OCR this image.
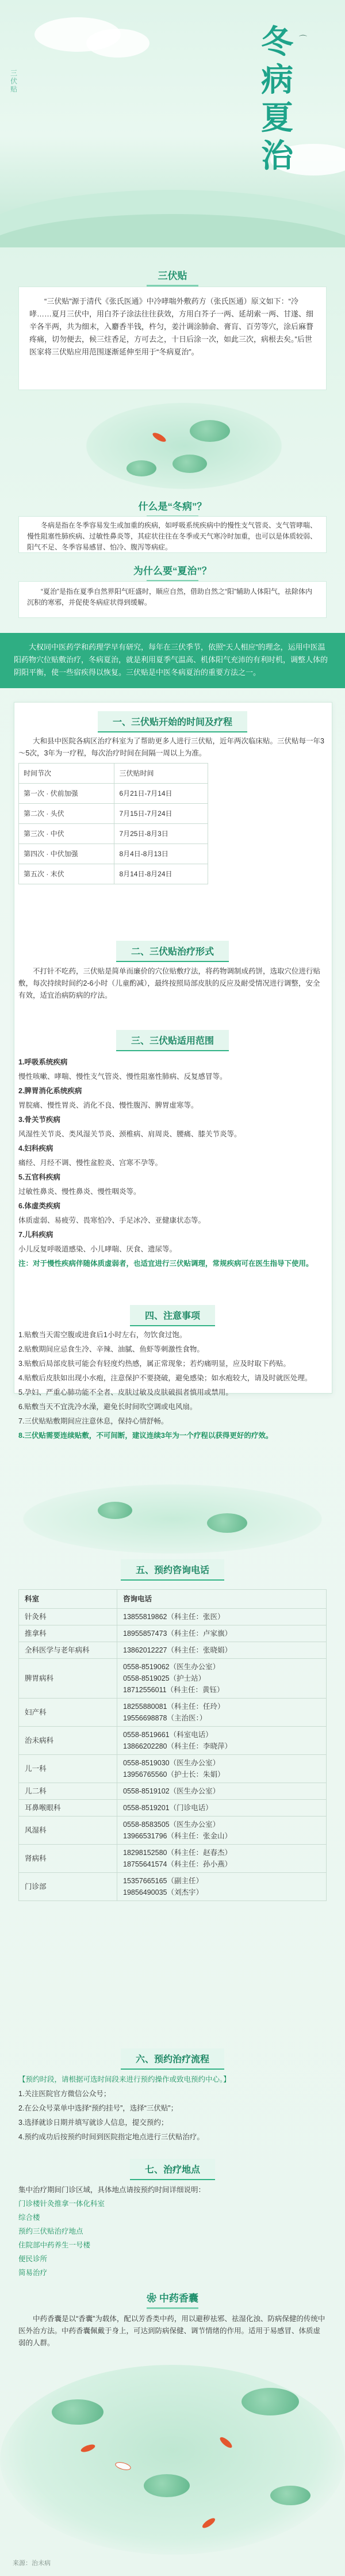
⌒
三伏贴
冬
病
夏
治
三伏贴

“三伏贴”源于清代《张氏医通》中冷哮喘外敷药方（张氏医通）原文如下：“冷哮……夏月三伏中，用白芥子涂法往往获效，方用白芥子一两、延胡索一两、甘遂、细辛各半两，共为细末，入麝香半钱，杵匀，姜汁调涂肺俞、膏肓、百劳等穴，涂后麻瞀疼痛，切勿便去，候三炷香足，方可去之，十日后涂一次，如此三次，病根去矣。”后世医家将三伏贴应用范围逐渐延伸至用于“冬病夏治”。

什么是“冬病”？

冬病是指在冬季容易发生或加重的疾病，如呼吸系统疾病中的慢性支气管炎、支气管哮喘、慢性阻塞性肺疾病、过敏性鼻炎等，其症状往往在冬季或天气寒冷时加重，也可以是体质较弱、阳气不足、冬季容易感冒、怕冷、腹泻等病症。

为什么要“夏治”？

“夏治”是指在夏季自然界阳气旺盛时，顺应自然，借助自然之“阳”辅助人体阳气，祛除体内沉积的寒邪，并促使冬病症状得到缓解。

大权同中医药学和药理学早有研究，每年在三伏季节，依照“天人相应”的理念，运用中医温阳药物穴位贴敷治疗，冬病夏治，就是利用夏季气温高、机体阳气充沛的有利时机，调整人体的阴阳平衡，使一些宿疾得以恢复。三伏贴是中医冬病夏治的重要方法之一。
一、三伏贴开始的时间及疗程

大和县中医院各病区治疗科室为了帮助更多人进行三伏贴，近年两次临床贴。三伏贴每一年3～5次，3年为一疗程，每次治疗时间在间隔一周以上为准。

时间节次	三伏贴时间
第一次 · 伏前加强	6月21日-7月14日
第二次 · 头伏	7月15日-7月24日
第三次 · 中伏	7月25日-8月3日
第四次 · 中伏加强	8月4日-8月13日
第五次 · 末伏	8月14日-8月24日
二、三伏贴治疗形式

不打针不吃药，三伏贴是简单而廉价的穴位贴敷疗法，将药物调制成药饼，选取穴位进行贴敷，每次持续时间约2-6小时（儿童酌减），最终按照局部皮肤的反应及耐受情况进行调整，安全有效，适宜治病防病的疗法。

三、三伏贴适用范围

1.呼吸系统疾病

慢性咳嗽、哮喘、慢性支气管炎、慢性阻塞性肺病、反复感冒等。

2.脾胃消化系统疾病

胃脘痛、慢性胃炎、消化不良、慢性腹泻、脾胃虚寒等。

3.骨关节疾病

风湿性关节炎、类风湿关节炎、颈椎病、肩周炎、腰痛、膝关节炎等。

4.妇科疾病

痛经、月经不调、慢性盆腔炎、宫寒不孕等。

5.五官科疾病

过敏性鼻炎、慢性鼻炎、慢性咽炎等。

6.体虚类疾病

体质虚弱、易疲劳、畏寒怕冷、手足冰冷、亚健康状态等。

7.儿科疾病

小儿反复呼吸道感染、小儿哮喘、厌食、遗尿等。

注：对于慢性疾病伴随体质虚弱者，也适宜进行三伏贴调理，常规疾病可在医生指导下使用。

四、注意事项

1.贴敷当天需空腹或进食后1小时左右，勿饮食过饱。

2.贴敷期间应忌食生冷、辛辣、油腻、鱼虾等刺激性食物。

3.贴敷后局部皮肤可能会有轻度灼热感，属正常现象；若灼痛明显，应及时取下药贴。

4.贴敷后皮肤如出现小水疱，注意保护不要挠破，避免感染；如水疱较大，请及时就医处理。

5.孕妇、严重心肺功能不全者、皮肤过敏及皮肤破损者慎用或禁用。

6.贴敷当天不宜洗冷水澡，避免长时间吹空调或电风扇。

7.三伏贴贴敷期间应注意休息，保持心情舒畅。

8.三伏贴需要连续贴敷，不可间断，建议连续3年为一个疗程以获得更好的疗效。

五、预约咨询电话
科室	咨询电话
针灸科	13855819862（科主任：张医）
推拿科	18955857473（科主任：卢家旗）
全科医学与老年病科	13862012227（科主任：张晓娟）
脾胃病科	0558-8519062（医生办公室）
0558-8519025（护士站）
18712556011（科主任：黄钰）
妇产科	18255880081（科主任：任玲）
19556698878（主治医：）
治未病科	0558-8519661（科室电话）
13866202280（科主任：李晓萍）
儿一科	0558-8519030（医生办公室）
13956765560（护士长：朱娟）
儿二科	0558-8519102（医生办公室）
耳鼻喉眼科	0558-8519201（门诊电话）
风湿科	0558-8583505（医生办公室）
13966531796（科主任：张金山）
肾病科	18298152580（科主任：赵春杰）
18755641574（科主任：孙小燕）
门诊部	15357665165（副主任）
19856490035（刘杰宇）
六、预约治疗流程

【预约时段，请根据可选时间段来进行预约操作或致电预约中心。】

1.关注医院官方微信公众号；

2.在公众号菜单中选择“预约挂号”，选择“三伏贴”；

3.选择就诊日期并填写就诊人信息，提交预约；

4.预约成功后按预约时间到医院指定地点进行三伏贴治疗。

七、治疗地点
集中治疗期间门诊区域，具体地点请按预约时间详细说明：
门诊楼针灸推拿一体化科室
综合楼
预约三伏贴治疗地点
住院部中药养生一号楼
便民诊所
简易治疗
❀ 中药香囊

中药香囊是以“香囊”为载体，配以芳香类中药，用以避秽祛邪、祛湿化浊、防病保健的传统中医外治方法。中药香囊佩戴于身上，可达到防病保健、调节情绪的作用。适用于易感冒、体质虚弱的人群。

来源：治未病
